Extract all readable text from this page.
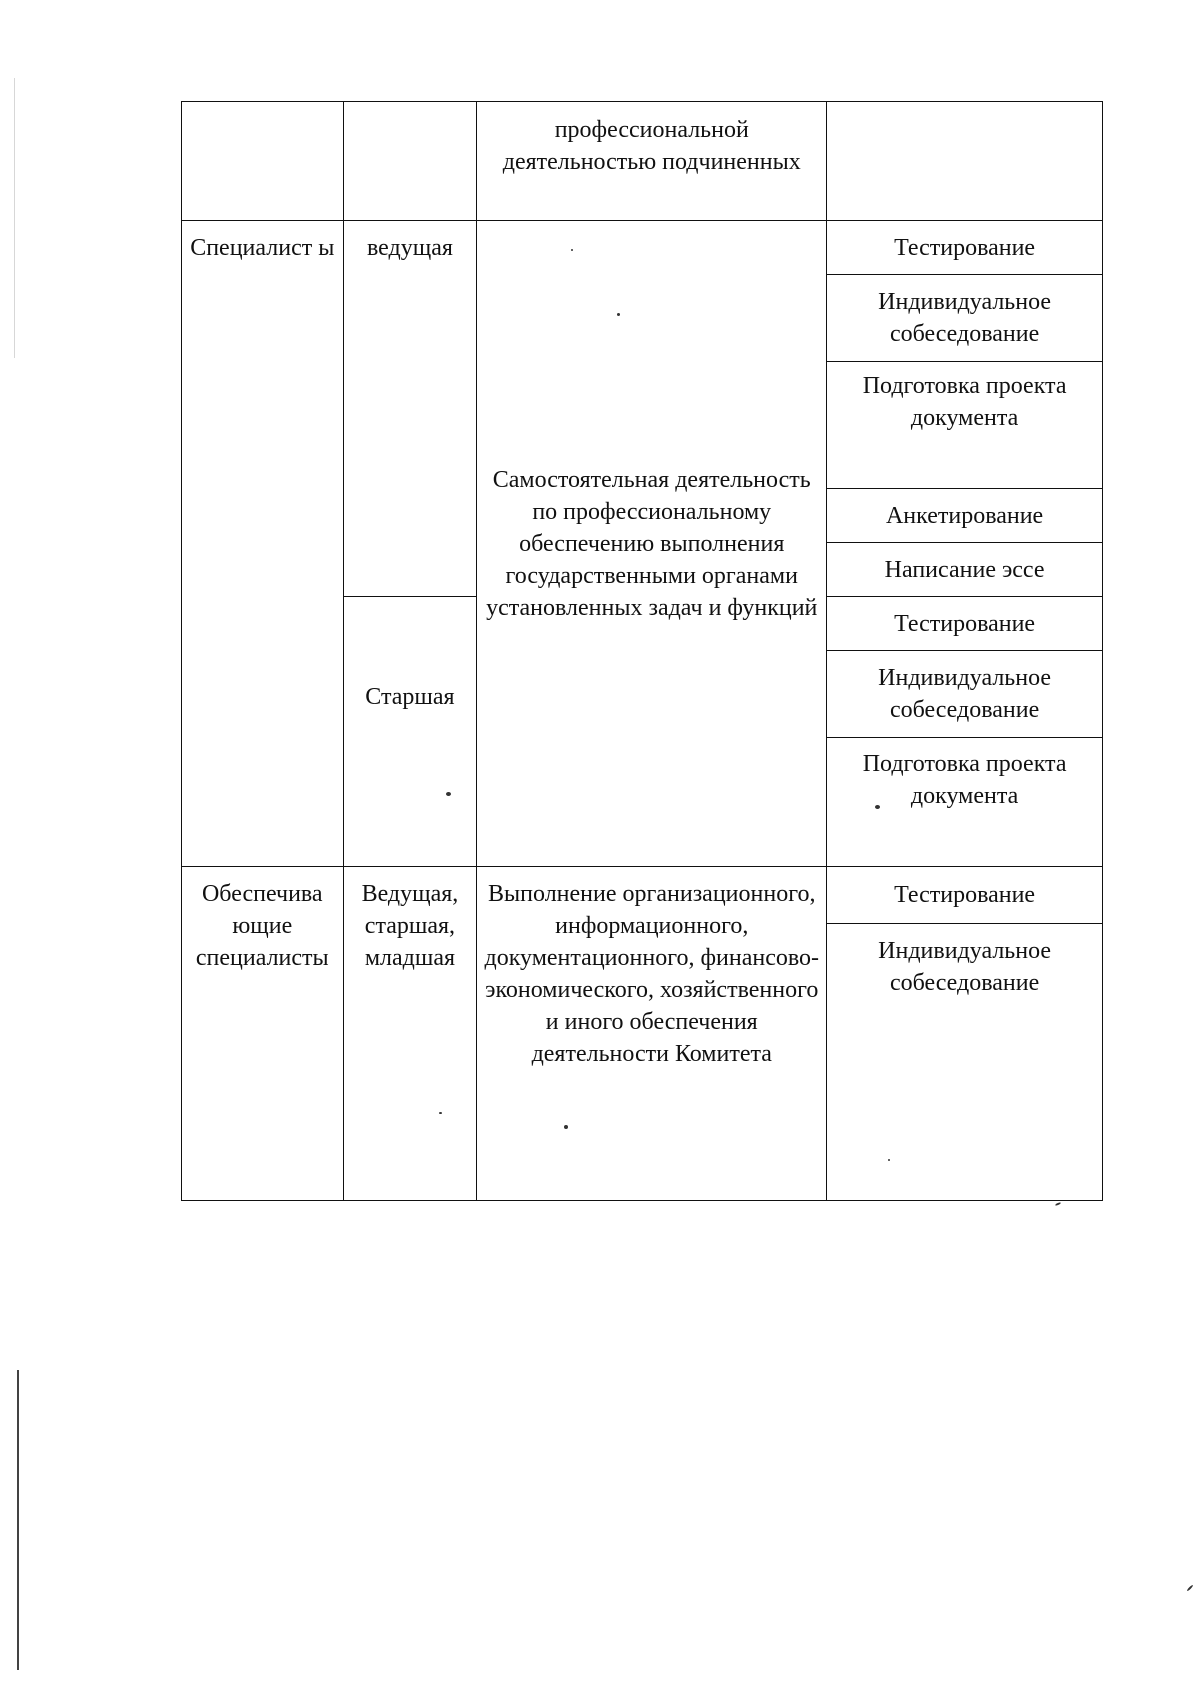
		профессиональной деятельностью подчиненных	
Специалист ы	ведущая	Самостоятельная деятельность по профессиональному обеспечению выполнения государственными органами установленных задач и функций	Тестирование
			Индивидуальное собеседование
			Подготовка проекта документа
			Анкетирование
			Написание эссе
	Старшая		Тестирование
			Индивидуальное собеседование
			Подготовка проекта документа
Обеспечива ющие специалисты	Ведущая, старшая, младшая	Выполнение организационного, информационного, документационного, финансово-экономического, хозяйственного и иного обеспечения деятельности Комитета	Тестирование
			Индивидуальное собеседование
